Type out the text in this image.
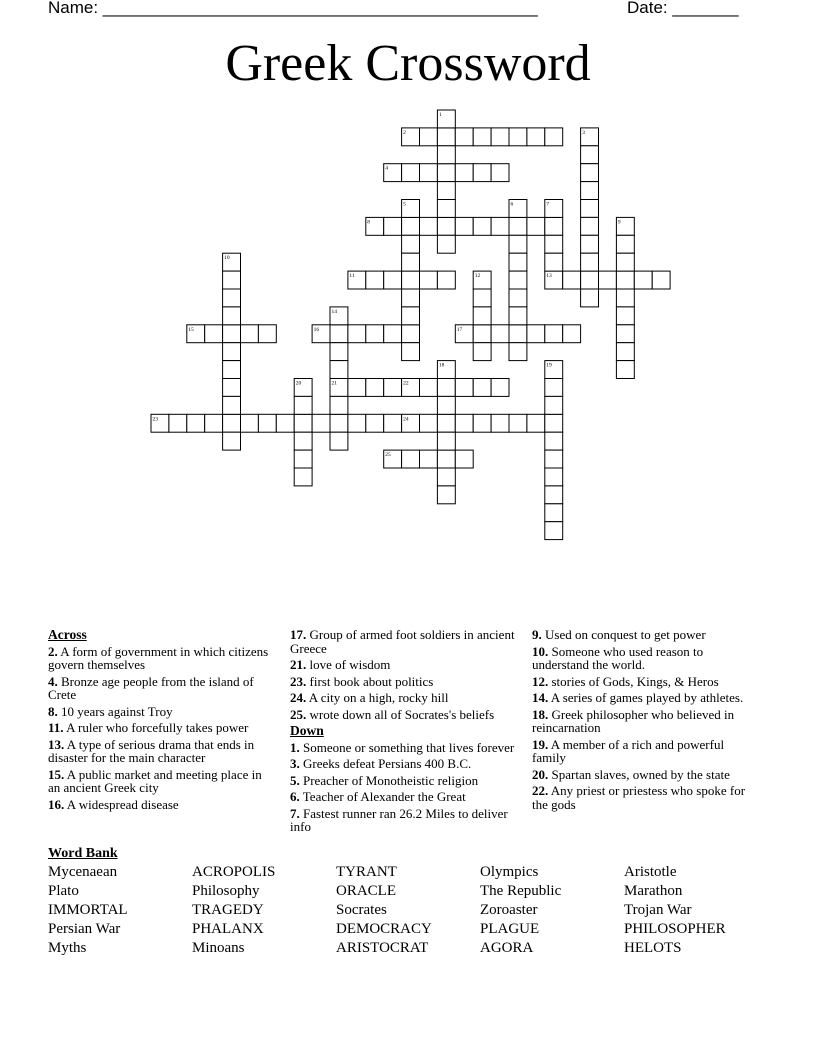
Name: ______________________________________________	Date: _______
Greek Crossword
1
2	3
4
5	6	7
8	9
10
11	12	13
14
15	16	17
18	19
20	21	22
23	24
25
Across
2. A form of government in which citizens govern themselves
4. Bronze age people from the island of Crete
8. 10 years against Troy
11. A ruler who forcefully takes power
13. A type of serious drama that ends in disaster for the main character
15. A public market and meeting place in an ancient Greek city
16. A widespread disease
17. Group of armed foot soldiers in ancient Greece
21. love of wisdom
23. first book about politics
24. A city on a high, rocky hill
25. wrote down all of Socrates's beliefs
Down
1. Someone or something that lives forever
3. Greeks defeat Persians 400 B.C.
5. Preacher of Monotheistic religion
6. Teacher of Alexander the Great
7. Fastest runner ran 26.2 Miles to deliver info
9. Used on conquest to get power
10. Someone who used reason to understand the world.
12. stories of Gods, Kings, & Heros
14. A series of games played by athletes.
18. Greek philosopher who believed in reincarnation
19. A member of a rich and powerful family
20. Spartan slaves, owned by the state
22. Any priest or priestess who spoke for the gods
Word Bank
Mycenaean	ACROPOLIS	TYRANT	Olympics	Aristotle
Plato	Philosophy	ORACLE	The Republic	Marathon
IMMORTAL	TRAGEDY	Socrates	Zoroaster	Trojan War
Persian War	PHALANX	DEMOCRACY	PLAGUE	PHILOSOPHER
Myths	Minoans	ARISTOCRAT	AGORA	HELOTS
